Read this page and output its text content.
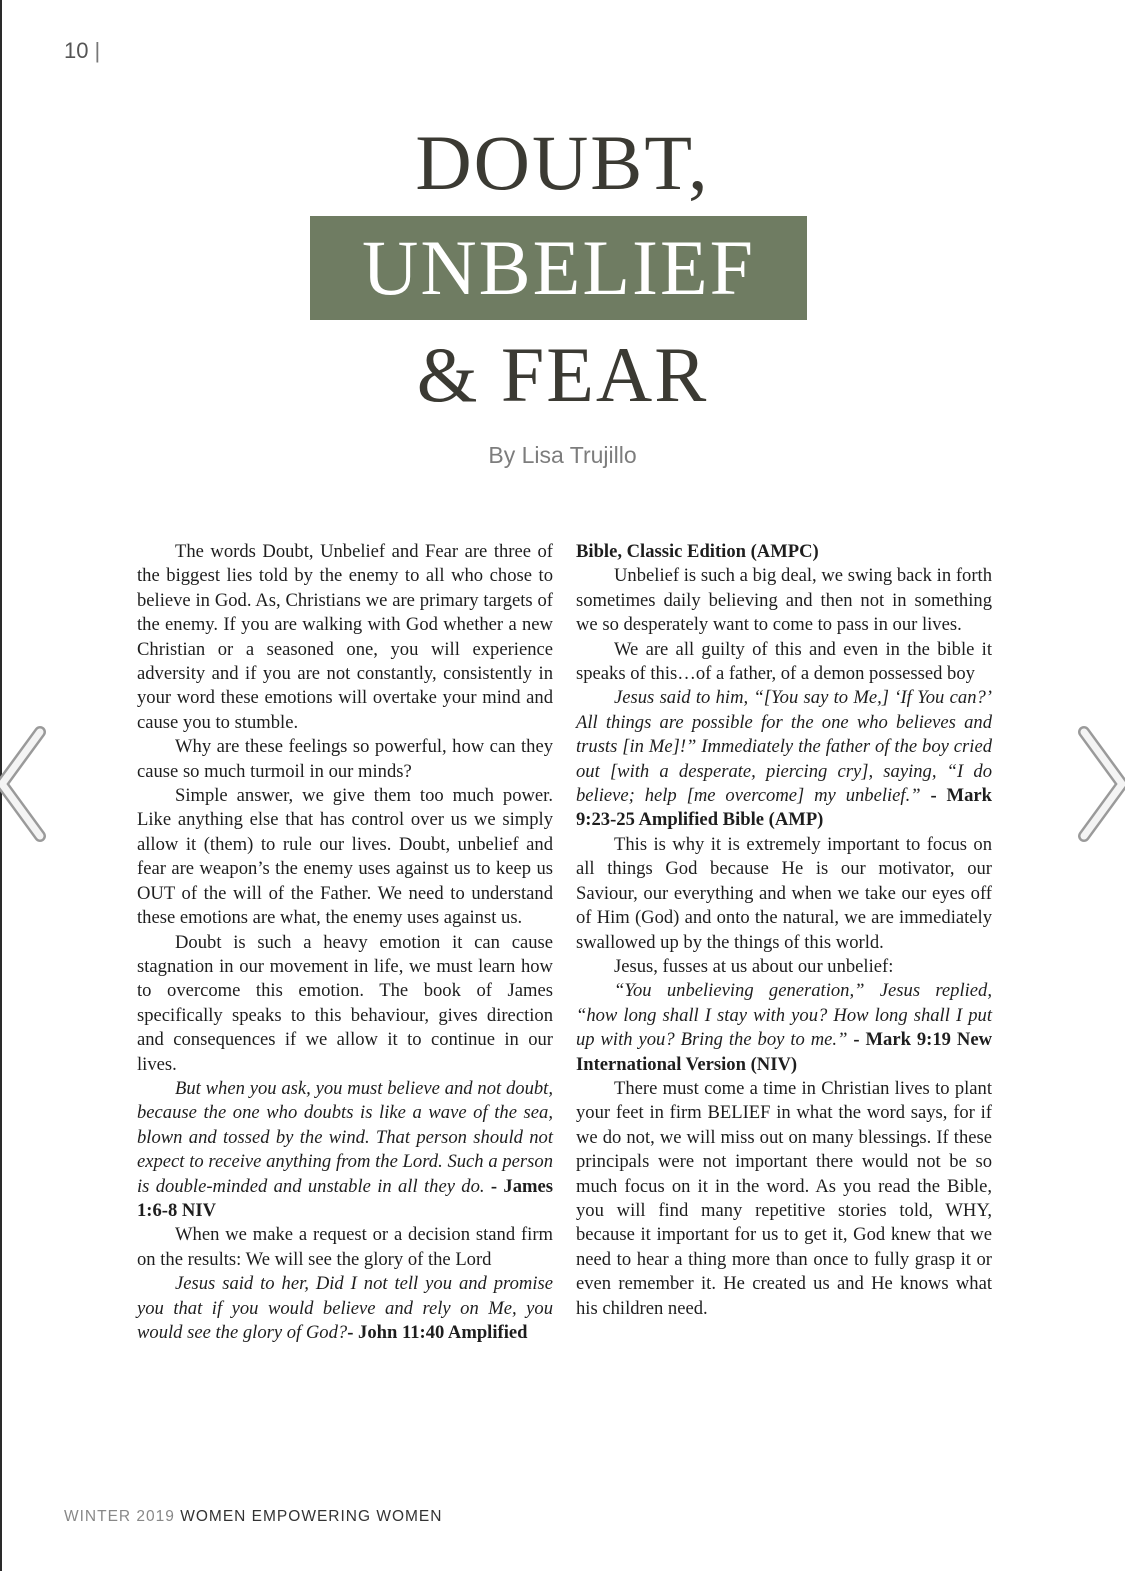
10 |
DOUBT,
UNBELIEF
& FEAR
By Lisa Trujillo

The words Doubt, Unbelief and Fear are three of the biggest lies told by the enemy to all who chose to believe in God. As, Christians we are primary targets of the enemy. If you are walking with God whether a new Christian or a seasoned one, you will experience adversity and if you are not constantly, consistently in your word these emotions will overtake your mind and cause you to stumble.

Why are these feelings so powerful, how can they cause so much turmoil in our minds?

Simple answer, we give them too much power. Like anything else that has control over us we simply allow it (them) to rule our lives. Doubt, unbelief and fear are weapon’s the enemy uses against us to keep us OUT of the will of the Father. We need to understand these emotions are what, the enemy uses against us.

Doubt is such a heavy emotion it can cause stagnation in our movement in life, we must learn how to overcome this emotion. The book of James specifically speaks to this behaviour, gives direction and consequences if we allow it to continue in our lives.

But when you ask, you must believe and not doubt, because the one who doubts is like a wave of the sea, blown and tossed by the wind. That person should not expect to receive anything from the Lord. Such a person is double-minded and unstable in all they do. - James 1:6-8 NIV

When we make a request or a decision stand firm on the results: We will see the glory of the Lord

Jesus said to her, Did I not tell you and promise you that if you would believe and rely on Me, you would see the glory of God?- John 11:40 Amplified

Bible, Classic Edition (AMPC)

Unbelief is such a big deal, we swing back in forth sometimes daily believing and then not in something we so desperately want to come to pass in our lives.

We are all guilty of this and even in the bible it speaks of this…of a father, of a demon possessed boy

Jesus said to him, “[You say to Me,] ‘If You can?’ All things are possible for the one who believes and trusts [in Me]!” Immediately the father of the boy cried out [with a desperate, piercing cry], saying, “I do believe; help [me overcome] my unbelief.” - Mark 9:23-25 Amplified Bible (AMP)

This is why it is extremely important to focus on all things God because He is our motivator, our Saviour, our everything and when we take our eyes off of Him (God) and onto the natural, we are immediately swallowed up by the things of this world.

Jesus, fusses at us about our unbelief:

“You unbelieving generation,” Jesus replied, “how long shall I stay with you? How long shall I put up with you? Bring the boy to me.” - Mark 9:19 New International Version (NIV)

There must come a time in Christian lives to plant your feet in firm BELIEF in what the word says, for if we do not, we will miss out on many blessings. If these principals were not important there would not be so much focus on it in the word. As you read the Bible, you will find many repetitive stories told, WHY, because it important for us to get it, God knew that we need to hear a thing more than once to fully grasp it or even remember it. He created us and He knows what his children need.

WINTER 2019 WOMEN EMPOWERING WOMEN
